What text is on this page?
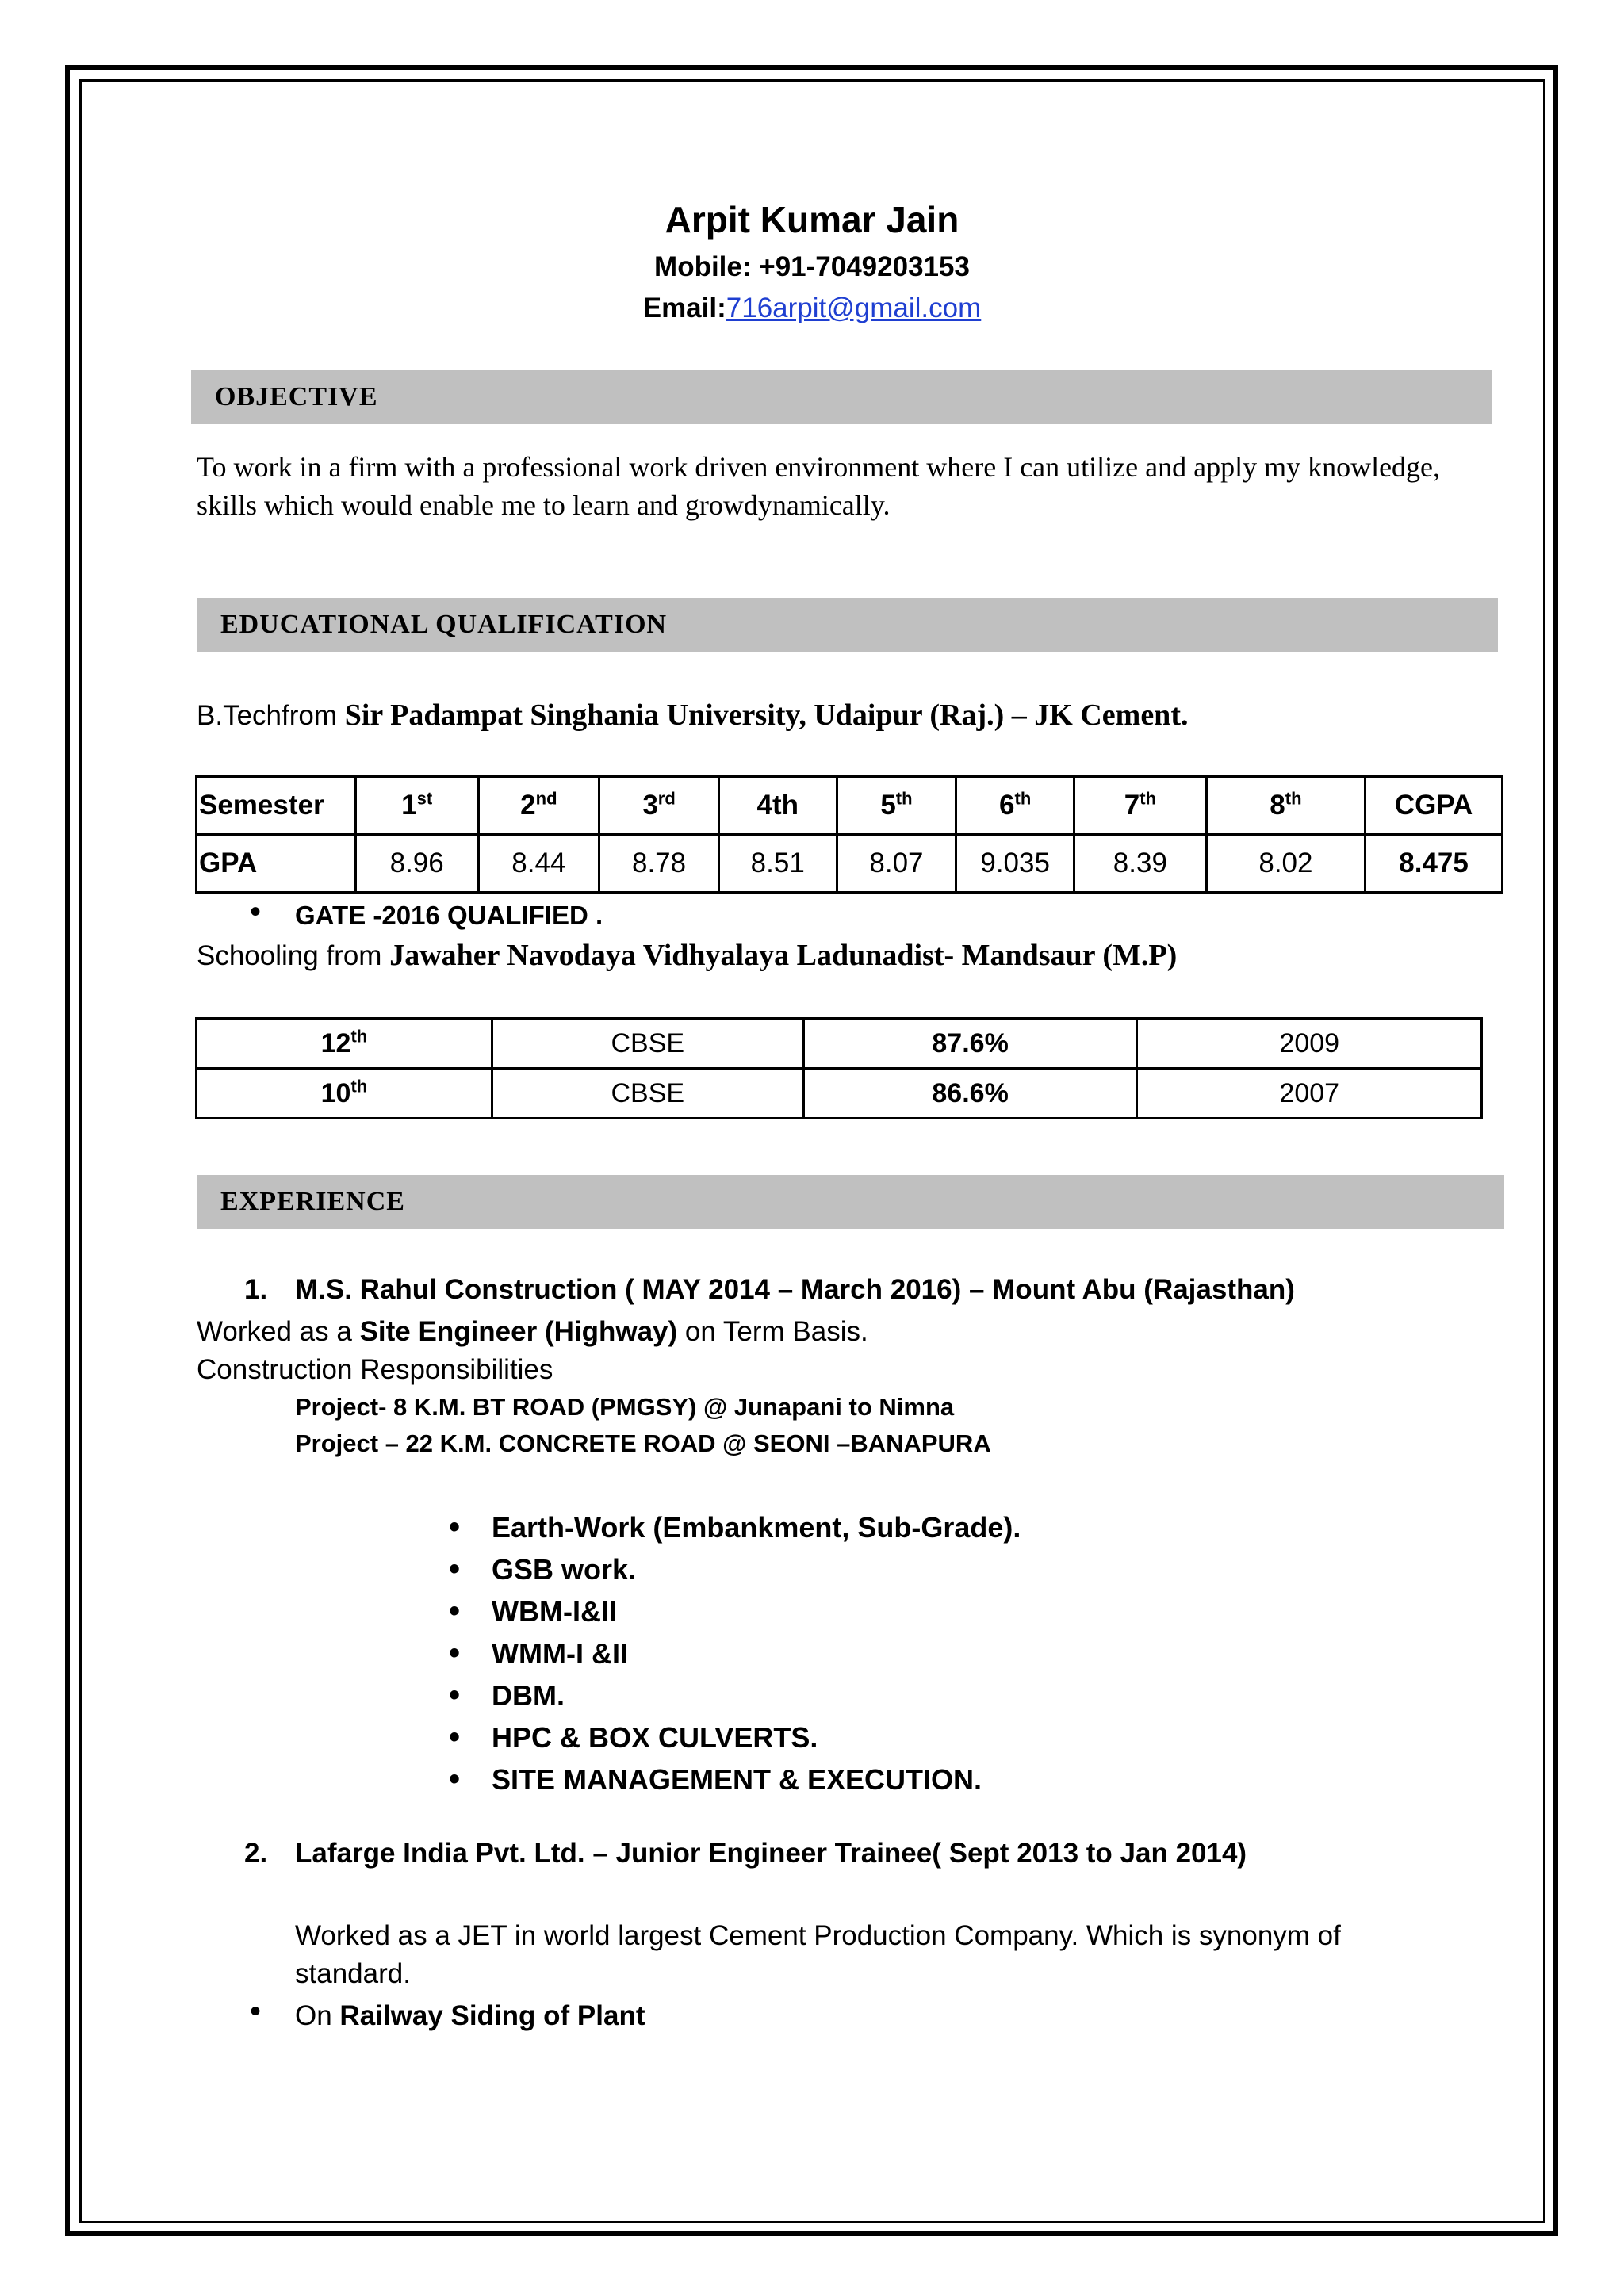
Arpit Kumar Jain
Mobile: +91-7049203153
Email:716arpit@gmail.com
OBJECTIVE
To work in a firm with a professional work driven environment where I can utilize and apply my knowledge, skills which would enable me to learn and growdynamically.
EDUCATIONAL QUALIFICATION
B.Techfrom Sir Padampat Singhania University, Udaipur (Raj.) – JK Cement.
Semester	1st	2nd	3rd	4th	5th	6th	7th	8th	CGPA
GPA	8.96	8.44	8.78	8.51	8.07	9.035	8.39	8.02	8.475
• GATE -2016 QUALIFIED .
Schooling from Jawaher Navodaya Vidhyalaya Ladunadist- Mandsaur (M.P)
12th	CBSE	87.6%	2009
10th	CBSE	86.6%	2007
EXPERIENCE
1. M.S. Rahul Construction ( MAY 2014 – March 2016) – Mount Abu (Rajasthan)
Worked as a Site Engineer (Highway) on Term Basis.
Construction Responsibilities
Project- 8 K.M. BT ROAD (PMGSY) @ Junapani to Nimna
Project – 22 K.M. CONCRETE ROAD @ SEONI –BANAPURA
• Earth-Work (Embankment, Sub-Grade).
• GSB work.
• WBM-I&II
• WMM-I &II
• DBM.
• HPC & BOX CULVERTS.
• SITE MANAGEMENT & EXECUTION.
2. Lafarge India Pvt. Ltd. – Junior Engineer Trainee( Sept 2013 to Jan 2014)
Worked as a JET in world largest Cement Production Company. Which is synonym of standard.
• On Railway Siding of Plant
